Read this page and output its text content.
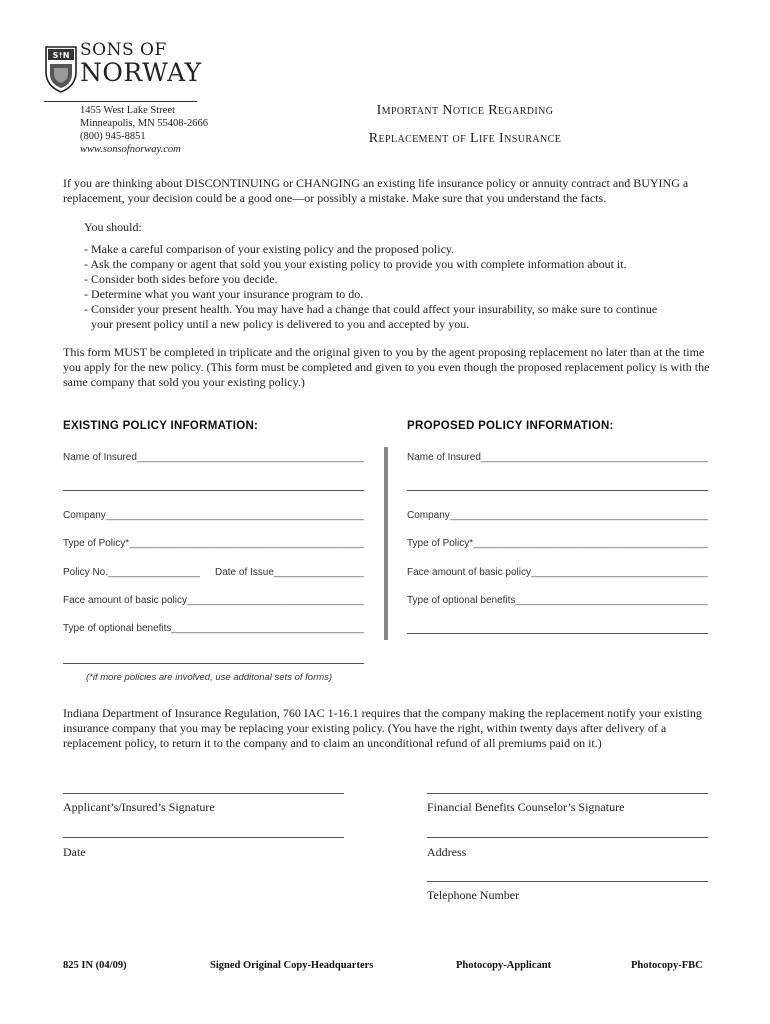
S☨N SONS OF
NORWAY
1455 West Lake Street
Minneapolis, MN 55408-2666
(800) 945-8851
www.sonsofnorway.com
Important Notice Regarding
Replacement of Life Insurance
If you are thinking about DISCONTINUING or CHANGING an existing life insurance policy or annuity contract and BUYING a replacement, your decision could be a good one—or possibly a mistake. Make sure that you understand the facts.
You should:
- Make a careful comparison of your existing policy and the proposed policy.
- Ask the company or agent that sold you your existing policy to provide you with complete information about it.
- Consider both sides before you decide.
- Determine what you want your insurance program to do.
- Consider your present health. You may have had a change that could affect your insurability, so make sure to continue
your present policy until a new policy is delivered to you and accepted by you.
This form MUST be completed in triplicate and the original given to you by the agent proposing replacement no later than at the time you apply for the new policy. (This form must be completed and given to you even though the proposed replacement policy is with the same company that sold you your existing policy.)
EXISTING POLICY INFORMATION:	PROPOSED POLICY INFORMATION:
Name of Insured _____
Company _____
Type of Policy* _____
Policy No. _____	Date of Issue _____
Face amount of basic policy _____
Type of optional benefits _____
Name of Insured _____
Company _____
Type of Policy* _____
Face amount of basic policy _____
Type of optional benefits _____
(*if more policies are involved, use additonal sets of forms)
Indiana Department of Insurance Regulation, 760 IAC 1-16.1 requires that the company making the replacement notify your existing insurance company that you may be replacing your existing policy. (You have the right, within twenty days after delivery of a replacement policy, to return it to the company and to claim an unconditional refund of all premiums paid on it.)
Applicant’s/Insured’s Signature	Financial Benefits Counselor’s Signature
Date	Address
Telephone Number
825 IN (04/09)	Signed Original Copy-Headquarters	Photocopy-Applicant	Photocopy-FBC
